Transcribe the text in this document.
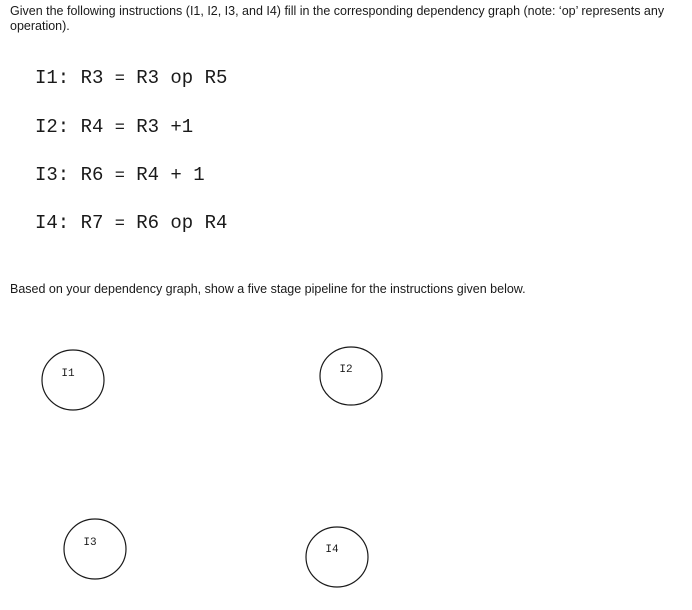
Given the following instructions (I1, I2, I3, and I4) fill in the corresponding dependency graph (note: ‘op’ represents any operation).

I1: R3 = R3 op R5
I2: R4 = R3 +1
I3: R6 = R4 + 1
I4: R7 = R6 op R4

Based on your dependency graph, show a five stage pipeline for the instructions given below.

I1	I2
I3
I4
